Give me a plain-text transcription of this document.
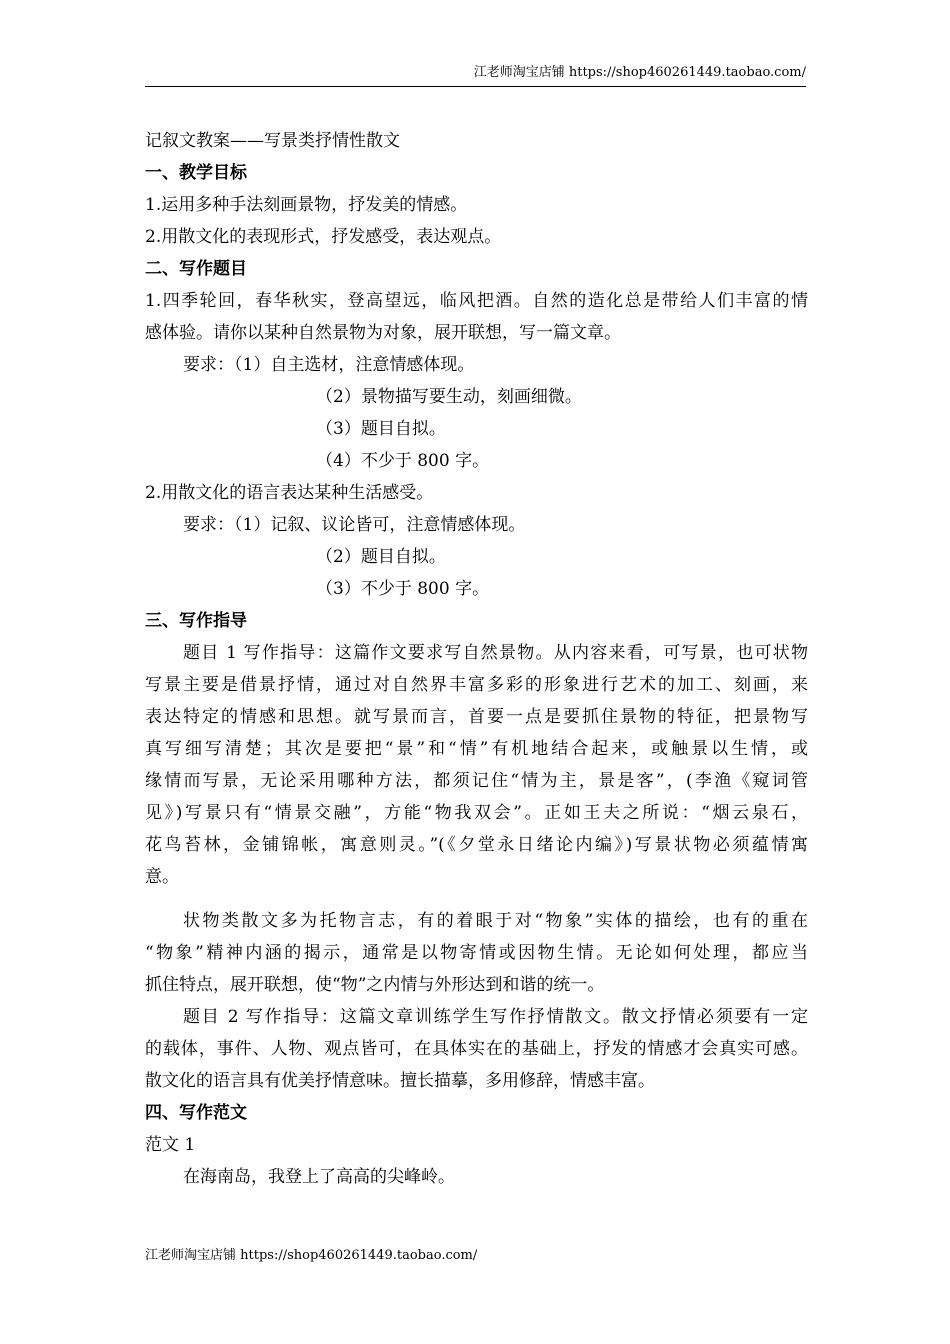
江老师淘宝店铺 https://shop460261449.taobao.com/
记叙文教案——写景类抒情性散文
一、教学目标
1.运用多种手法刻画景物，抒发美的情感。
2.用散文化的表现形式，抒发感受，表达观点。
二、写作题目
1.四季轮回，春华秋实，登高望远，临风把酒。自然的造化总是带给人们丰富的情
感体验。请你以某种自然景物为对象，展开联想，写一篇文章。
要求：（1）自主选材，注意情感体现。
（2）景物描写要生动，刻画细微。
（3）题目自拟。
（4）不少于 800 字。
2.用散文化的语言表达某种生活感受。
要求：（1）记叙、议论皆可，注意情感体现。
（2）题目自拟。
（3）不少于 800 字。
三、写作指导
题目 1 写作指导：这篇作文要求写自然景物。从内容来看，可写景，也可状物
写景主要是借景抒情，通过对自然界丰富多彩的形象进行艺术的加工、刻画，来
表达特定的情感和思想。就写景而言，首要一点是要抓住景物的特征，把景物写
真写细写清楚；其次是要把“景”和“情”有机地结合起来，或触景以生情，或
缘情而写景，无论采用哪种方法，都须记住“情为主，景是客”，(李渔《窥词管
见》)写景只有“情景交融”，方能“物我双会”。正如王夫之所说：“烟云泉石，
花鸟苔林，金铺锦帐，寓意则灵。”(《夕堂永日绪论内编》)写景状物必须蕴情寓
意。
状物类散文多为托物言志，有的着眼于对“物象”实体的描绘，也有的重在
“物象”精神内涵的揭示，通常是以物寄情或因物生情。无论如何处理，都应当
抓住特点，展开联想，使“物”之内情与外形达到和谐的统一。
题目 2 写作指导：这篇文章训练学生写作抒情散文。散文抒情必须要有一定
的载体，事件、人物、观点皆可，在具体实在的基础上，抒发的情感才会真实可感。
散文化的语言具有优美抒情意味。擅长描摹，多用修辞，情感丰富。
四、写作范文
范文 1
在海南岛，我登上了高高的尖峰岭。
江老师淘宝店铺 https://shop460261449.taobao.com/
